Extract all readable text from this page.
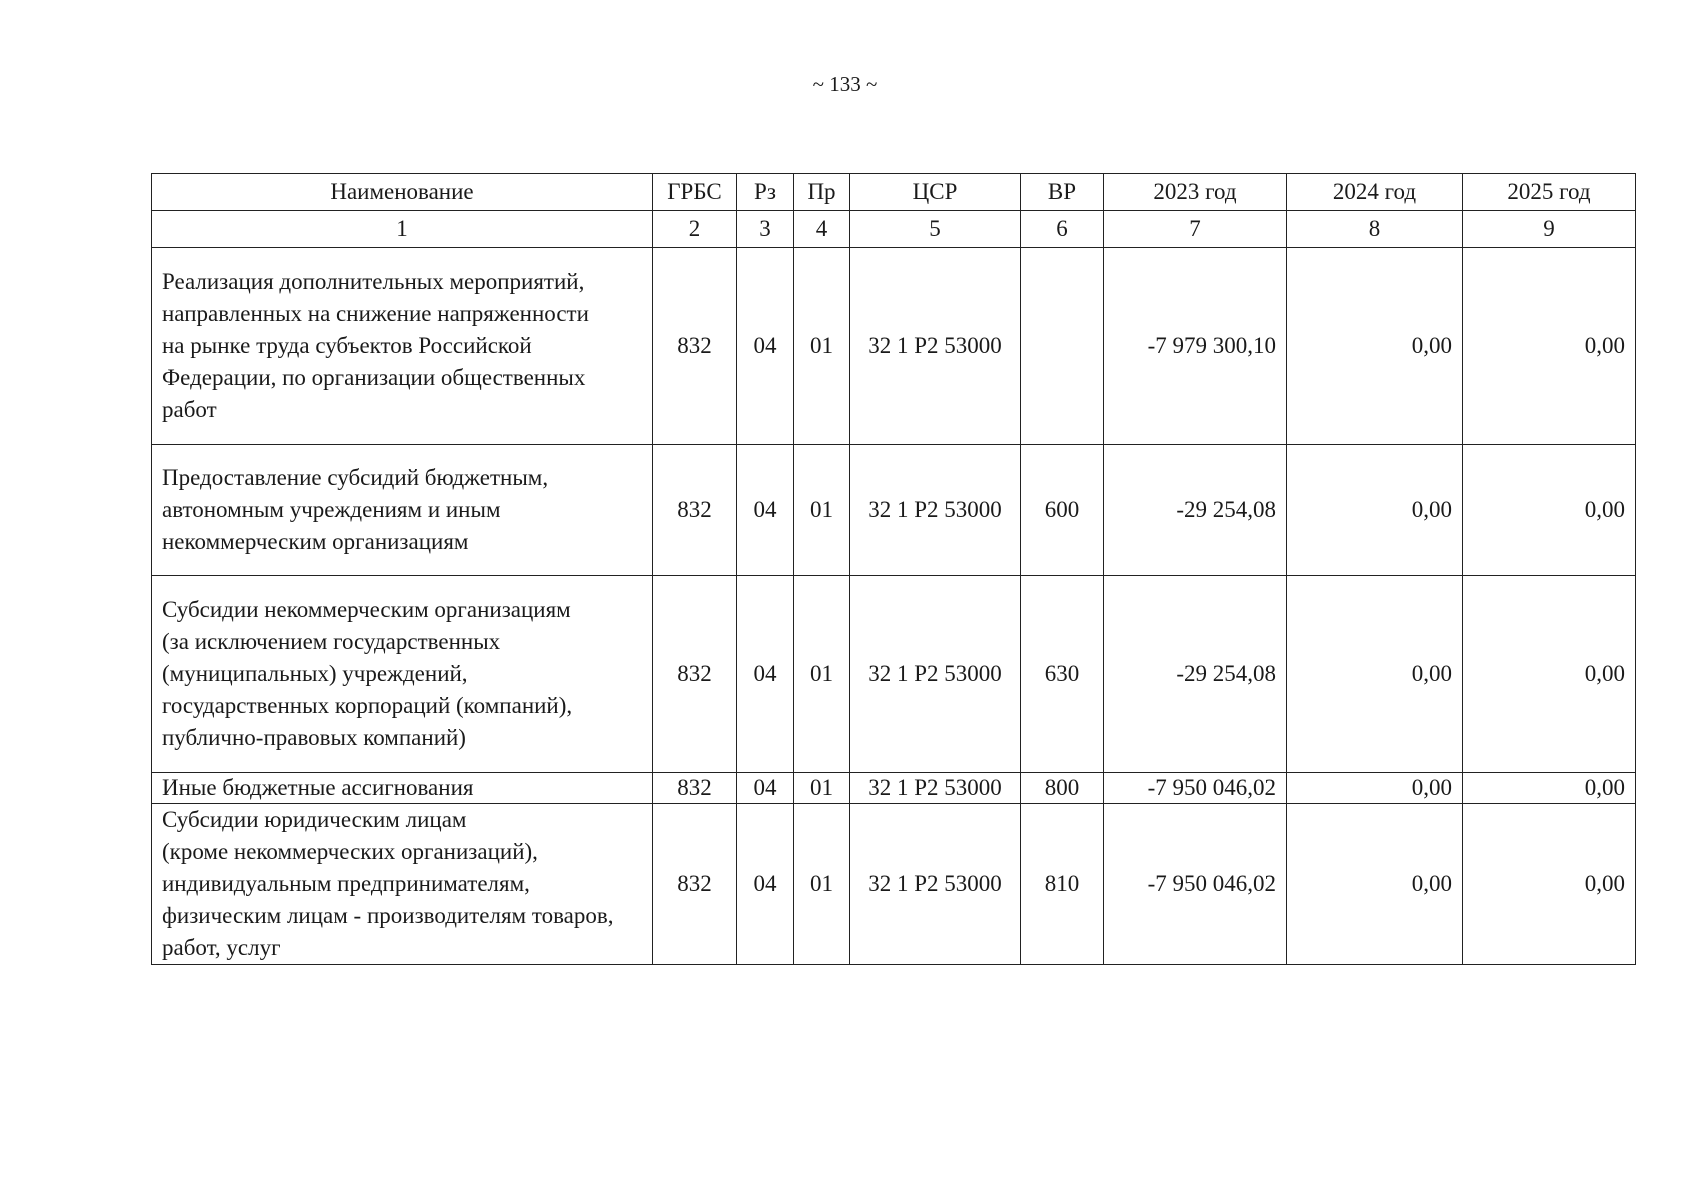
~ 133 ~
Наименование	ГРБС	Рз	Пр	ЦСР	ВР	2023 год	2024 год	2025 год
1	2	3	4	5	6	7	8	9

Реализация дополнительных мероприятий,
направленных на снижение напряженности
на рынке труда субъектов Российской
Федерации, по организации общественных
работ	832	04	01	32 1 Р2 53000		-7 979 300,10	0,00	0,00

Предоставление субсидий бюджетным,
автономным учреждениям и иным
некоммерческим организациям	832	04	01	32 1 Р2 53000	600	-29 254,08	0,00	0,00

Субсидии некоммерческим организациям
(за исключением государственных
(муниципальных) учреждений,
государственных корпораций (компаний),
публично-правовых компаний)	832	04	01	32 1 Р2 53000	630	-29 254,08	0,00	0,00

Иные бюджетные ассигнования	832	04	01	32 1 Р2 53000	800	-7 950 046,02	0,00	0,00

Субсидии юридическим лицам
(кроме некоммерческих организаций),
индивидуальным предпринимателям,
физическим лицам - производителям товаров,
работ, услуг	832	04	01	32 1 Р2 53000	810	-7 950 046,02	0,00	0,00
